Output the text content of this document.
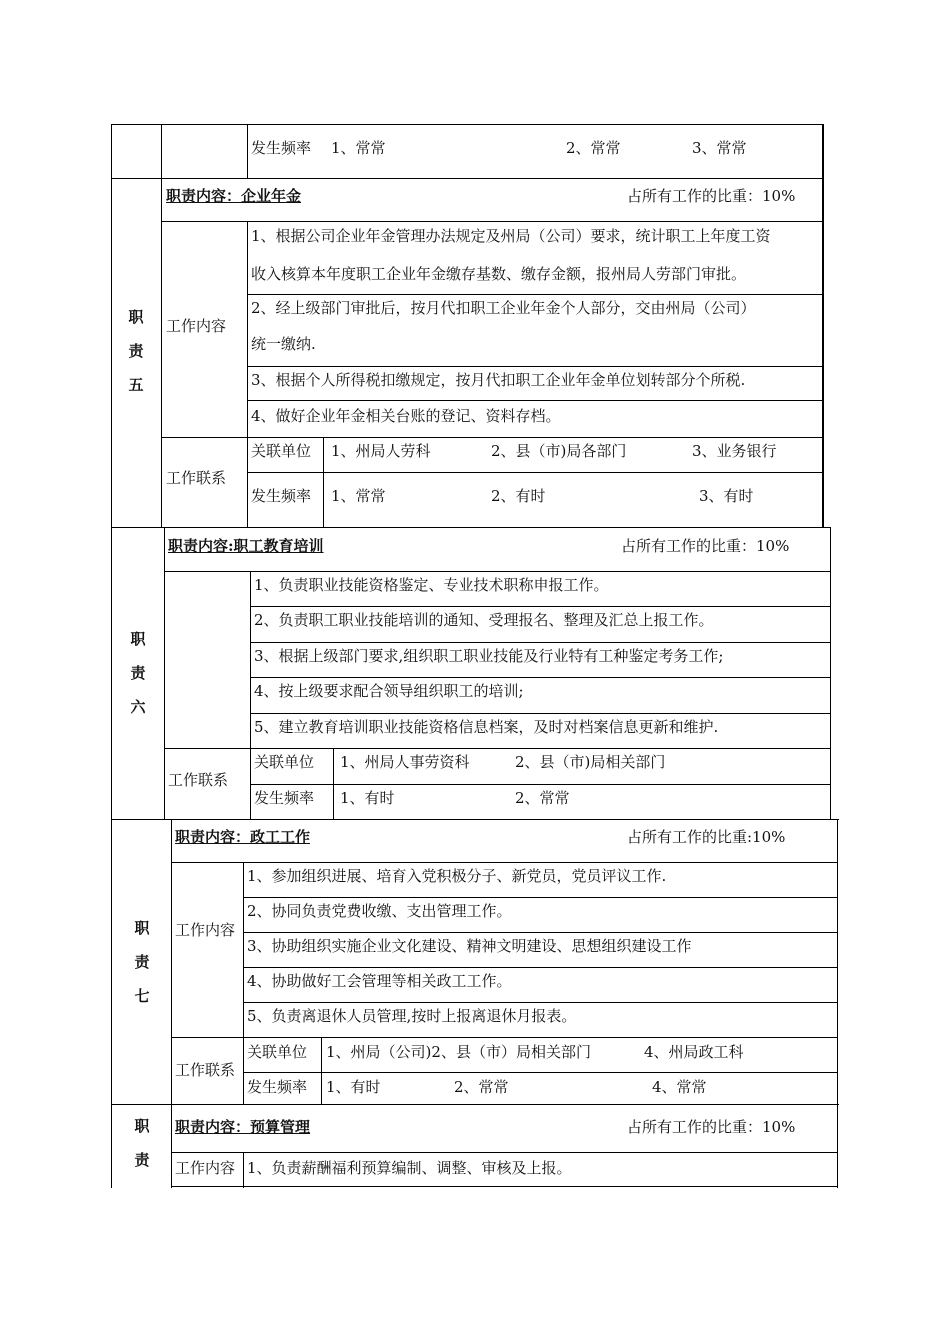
发生频率 1、常常	2、常常	3、常常
职
责
五
职责内容：企业年金	占所有工作的比重：10%
工作内容
1、根据公司企业年金管理办法规定及州局（公司）要求，统计职工上年度工资
收入核算本年度职工企业年金缴存基数、缴存金额，报州局人劳部门审批。
2、经上级部门审批后，按月代扣职工企业年金个人部分，交由州局（公司）
统一缴纳.
3、根据个人所得税扣缴规定，按月代扣职工企业年金单位划转部分个所税.
4、做好企业年金相关台账的登记、资料存档。
工作联系
关联单位 1、州局人劳科	2、县（市)局各部门	3、业务银行
发生频率 1、常常	2、有时	3、有时
职
责
六
职责内容:职工教育培训	占所有工作的比重：10%
1、负责职业技能资格鉴定、专业技术职称申报工作。
2、负责职工职业技能培训的通知、受理报名、整理及汇总上报工作。
3、根据上级部门要求,组织职工职业技能及行业特有工种鉴定考务工作;
4、按上级要求配合领导组织职工的培训;
5、建立教育培训职业技能资格信息档案，及时对档案信息更新和维护.
工作联系
关联单位 1、州局人事劳资科	2、县（市)局相关部门
发生频率 1、有时	2、常常
职
责
七
职责内容：政工工作	占所有工作的比重:10%
工作内容
1、参加组织进展、培育入党积极分子、新党员，党员评议工作.
2、协同负责党费收缴、支出管理工作。
3、协助组织实施企业文化建设、精神文明建设、思想组织建设工作
4、协助做好工会管理等相关政工工作。
5、负责离退休人员管理,按时上报离退休月报表。
工作联系
关联单位 1、州局（公司)2、县（市）局相关部门	4、州局政工科
发生频率 1、有时	2、常常	4、常常
职
责
职责内容：预算管理	占所有工作的比重：10%
工作内容 1、负责薪酬福利预算编制、调整、审核及上报。
